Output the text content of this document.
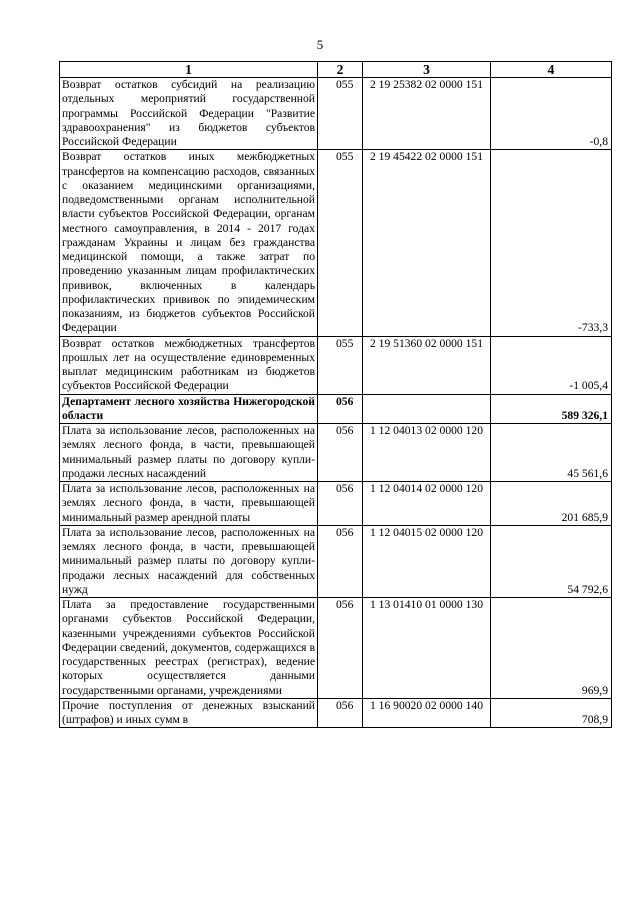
5
1	2	3	4

Возврат остатков субсидий на реализацию отдельных мероприятий государственной программы Российской Федерации "Развитие здравоохранения" из бюджетов субъектов Российской Федерации	055	2 19 25382 02 0000 151	-0,8

Возврат остатков иных межбюджетных трансфертов на компенсацию расходов, связанных с оказанием медицинскими организациями, подведомственными органам исполнительной власти субъектов Российской Федерации, органам местного самоуправления, в 2014 - 2017 годах гражданам Украины и лицам без гражданства медицинской помощи, а также затрат по проведению указанным лицам профилактических прививок, включенных в календарь профилактических прививок по эпидемическим показаниям, из бюджетов субъектов Российской Федерации	055	2 19 45422 02 0000 151	-733,3

Возврат остатков межбюджетных трансфертов прошлых лет на осуществление единовременных выплат медицинским работникам из бюджетов субъектов Российской Федерации	055	2 19 51360 02 0000 151	-1 005,4

Департамент лесного хозяйства Нижегородской области	056		589 326,1

Плата за использование лесов, расположенных на землях лесного фонда, в части, превышающей минимальный размер платы по договору купли-продажи лесных насаждений	056	1 12 04013 02 0000 120	45 561,6

Плата за использование лесов, расположенных на землях лесного фонда, в части, превышающей минимальный размер арендной платы	056	1 12 04014 02 0000 120	201 685,9

Плата за использование лесов, расположенных на землях лесного фонда, в части, превышающей минимальный размер платы по договору купли-продажи лесных насаждений для собственных нужд	056	1 12 04015 02 0000 120	54 792,6

Плата за предоставление государственными органами субъектов Российской Федерации, казенными учреждениями субъектов Российской Федерации сведений, документов, содержащихся в государственных реестрах (регистрах), ведение которых осуществляется данными государственными органами, учреждениями	056	1 13 01410 01 0000 130	969,9

Прочие поступления от денежных взысканий (штрафов) и иных сумм в	056	1 16 90020 02 0000 140	708,9
